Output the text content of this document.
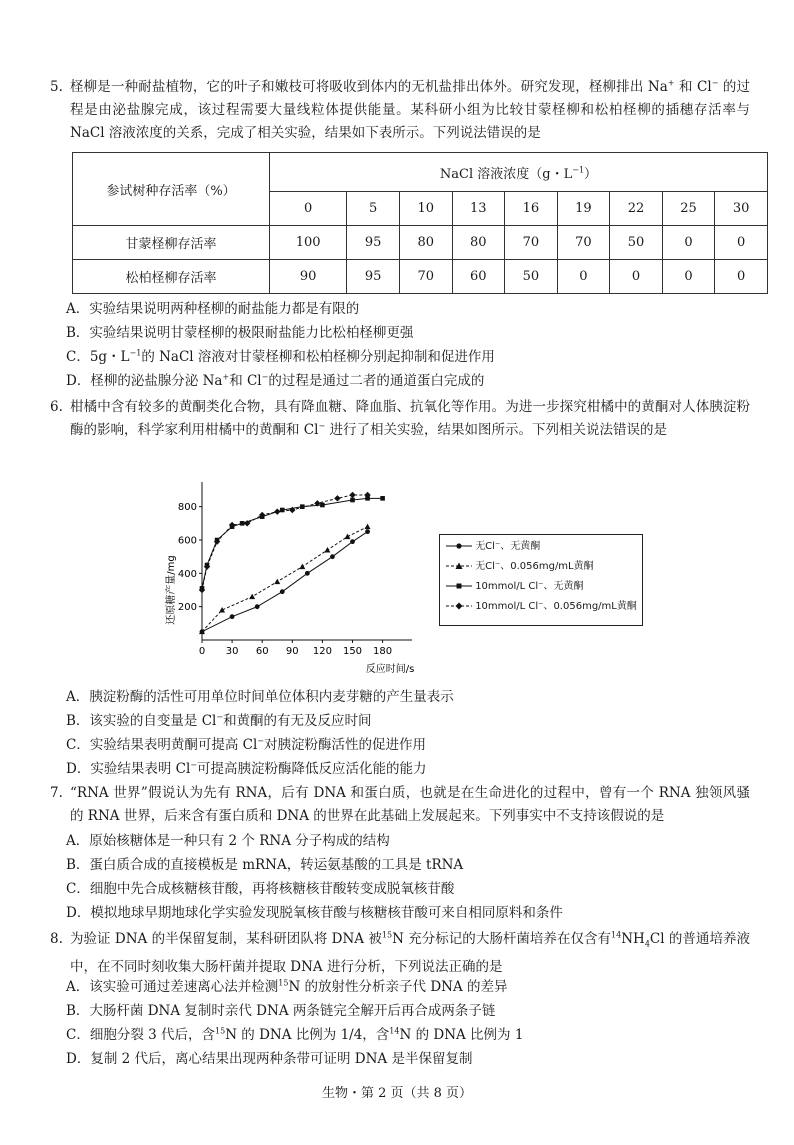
5. 柽柳是一种耐盐植物，它的叶子和嫩枝可将吸收到体内的无机盐排出体外。研究发现，柽柳排出 Na+ 和 Cl− 的过程是由泌盐腺完成，该过程需要大量线粒体提供能量。某科研小组为比较甘蒙柽柳和松柏柽柳的插穗存活率与 NaCl 溶液浓度的关系，完成了相关实验，结果如下表所示。下列说法错误的是
参试树种存活率（%）	NaCl 溶液浓度（g・$L^{-1}$）								
	0	5	10	13	16	19	22	25	30
甘蒙柽柳存活率	100	95	80	80	70	70	50	0	0
松柏柽柳存活率	90	95	70	60	50	0	0	0	0
A．实验结果说明两种柽柳的耐盐能力都是有限的
B．实验结果说明甘蒙柽柳的极限耐盐能力比松柏柽柳更强
C．5g・$L^{-1}$的 NaCl 溶液对甘蒙柽柳和松柏柽柳分别起抑制和促进作用
D．柽柳的泌盐腺分泌 Na+和 Cl−的过程是通过二者的通道蛋白完成的
6. 柑橘中含有较多的黄酮类化合物，具有降血糖、降血脂、抗氧化等作用。为进一步探究柑橘中的黄酮对人体胰淀粉酶的影响，科学家利用柑橘中的黄酮和 Cl− 进行了相关实验，结果如图所示。下列相关说法错误的是
0 30 60 90 120 150 180
200
400
600
800
还原糖产量/mg
反应时间/s
无Cl⁻、无黄酮
无Cl⁻、0.056mg/mL黄酮
10mmol/L Cl⁻、无黄酮
10mmol/L Cl⁻、0.056mg/mL黄酮
A．胰淀粉酶的活性可用单位时间单位体积内麦芽糖的产生量表示
B．该实验的自变量是 Cl−和黄酮的有无及反应时间
C．实验结果表明黄酮可提高 Cl−对胰淀粉酶活性的促进作用
D．实验结果表明 Cl−可提高胰淀粉酶降低反应活化能的能力
7. “RNA 世界”假说认为先有 RNA，后有 DNA 和蛋白质，也就是在生命进化的过程中，曾有一个 RNA 独领风骚的 RNA 世界，后来含有蛋白质和 DNA 的世界在此基础上发展起来。下列事实中不支持该假说的是
A．原始核糖体是一种只有 2 个 RNA 分子构成的结构
B．蛋白质合成的直接模板是 mRNA，转运氨基酸的工具是 tRNA
C．细胞中先合成核糖核苷酸，再将核糖核苷酸转变成脱氧核苷酸
D．模拟地球早期地球化学实验发现脱氧核苷酸与核糖核苷酸可来自相同原料和条件
8. 为验证 DNA 的半保留复制，某科研团队将 DNA 被$^{15}$N 充分标记的大肠杆菌培养在仅含有$^{14}NH_4Cl$ 的普通培养液中，在不同时刻收集大肠杆菌并提取 DNA 进行分析，下列说法正确的是
A．该实验可通过差速离心法并检测$^{15}$N 的放射性分析亲子代 DNA 的差异
B．大肠杆菌 DNA 复制时亲代 DNA 两条链完全解开后再合成两条子链
C．细胞分裂 3 代后，含$^{15}$N 的 DNA 比例为 1/4，含$^{14}$N 的 DNA 比例为 1
D．复制 2 代后，离心结果出现两种条带可证明 DNA 是半保留复制
生物・第 2 页（共 8 页）
